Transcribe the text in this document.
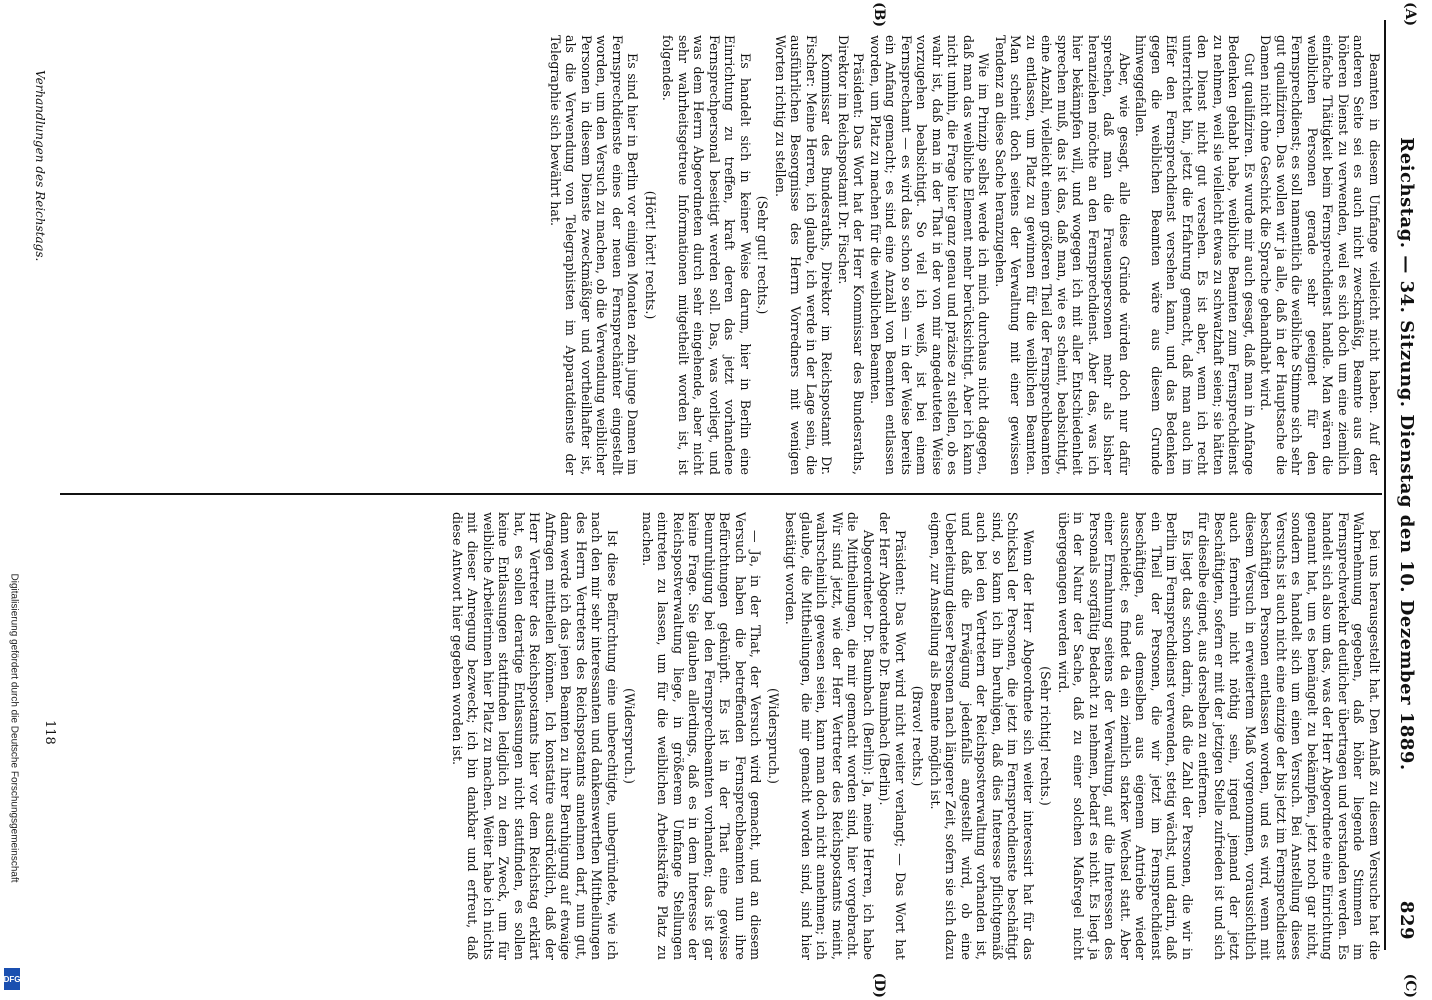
Reichstag. — 34. Sitzung. Dienstag den 10. Dezember 1889.
829
(A)
(B)
(C)
(D)

Beamten in diesem Umfange vielleicht nicht haben. Auf der anderen Seite sei es auch nicht zweckmäßig, Beamte aus dem höheren Dienst zu verwenden, weil es sich doch um eine ziemlich einfache Thätigkeit beim Fernsprechdienst handle. Man wären die weiblichen Personen gerade sehr geeignet für den Fernsprechdienst; es soll namentlich die weibliche Stimme sich sehr gut qualifiziren. Das wollen wir ja alle, daß in der Hauptsache die Damen nicht ohne Geschick die Sprache gehandhabt wird.

Gut qualifiziren. Es wurde mir auch gesagt, daß man in Anfange Bedenken gehabt habe, weibliche Beamten zum Fernsprechdienst zu nehmen, weil sie vielleicht etwas zu schwatzhaft seien; sie hätten den Dienst nicht gut versehen. Es ist aber, wenn ich recht unterrichtet bin, jetzt die Erfahrung gemacht, daß man auch im Eifer den Fernsprechdienst versehen kann, und das Bedenken gegen die weiblichen Beamten wäre aus diesem Grunde hinweggefallen.

Aber, wie gesagt, alle diese Gründe würden doch nur dafür sprechen, daß man die Frauenspersonen mehr als bisher heranziehen möchte an den Fernsprechdienst. Aber das, was ich hier bekämpfen will, und wogegen ich mit aller Entschiedenheit sprechen muß, das ist das, daß man, wie es scheint, beabsichtigt, eine Anzahl, vielleicht einen größeren Theil der Fernsprechbeamten zu entlassen, um Platz zu gewinnen für die weiblichen Beamten. Man scheint doch seitens der Verwaltung mit einer gewissen Tendenz an diese Sache heranzugehen.

Wie im Prinzip selbst werde ich mich durchaus nicht dagegen, daß man das weibliche Element mehr berücksichtigt. Aber ich kann nicht umhin, die Frage hier ganz genau und präzise zu stellen, ob es wahr ist, daß man in der That in der von mir angedeuteten Weise vorzugehen beabsichtigt. So viel ich weiß, ist bei einem Fernsprechamt — es wird das schon so sein — in der Weise bereits ein Anfang gemacht; es sind eine Anzahl von Beamten entlassen worden, um Platz zu machen für die weiblichen Beamten.

Präsident: Das Wort hat der Herr Kommissar des Bundesraths, Direktor im Reichspostamt Dr. Fischer.

Kommissar des Bundesraths, Direktor im Reichspostamt Dr. Fischer: Meine Herren, ich glaube, ich werde in der Lage sein, die ausführlichen Besorgnisse des Herrn Vorredners mit wenigen Worten richtig zu stellen.

(Sehr gut! rechts.)

Es handelt sich in keiner Weise darum, hier in Berlin eine Einrichtung zu treffen, kraft deren das jetzt vorhandene Fernsprechpersonal beseitigt werden soll. Das, was vorliegt, und was dem Herrn Abgeordneten durch sehr eingehende, aber nicht sehr wahrheitsgetreue Informationen mitgetheilt worden ist, ist folgendes.

(Hört! hört! rechts.)

Es sind hier in Berlin vor einigen Monaten zehn junge Damen im Fernsprechdienste eines der neuen Fernsprechämter eingestellt worden, um den Versuch zu machen, ob die Verwendung weiblicher Personen in diesem Dienste zweckmäßiger und vortheilhafter ist, als die Verwendung von Telegraphisten im Apparatdienste der Telegraphie sich bewährt hat.

bei uns herausgestellt hat. Den Anlaß zu diesem Versuche hat die Wahrnehmung gegeben, daß höher liegende Stimmen im Fernsprechverkehr deutlicher übertragen und verstanden werden. Es handelt sich also um das, was der Herr Abgeordnete eine Einrichtung genannt hat, um es bemängelt zu bekämpfen, jetzt noch gar nicht, sondern es handelt sich um einen Versuch. Bei Anstellung dieses Versuchs ist auch nicht eine einzige der bis jetzt im Fernsprechdienst beschäftigten Personen entlassen worden, und es wird, wenn mit diesem Versuch in erweitertem Maß vorgenommen, voraussichtlich auch fernerhin nicht nöthig sein, irgend jemand der jetzt Beschäftigten, sofern er mit der jetzigen Stelle zufrieden ist und sich für dieselbe eignet, aus derselben zu entfernen.

Es liegt das schon darin, daß die Zahl der Personen, die wir in Berlin im Fernsprechdienst verwenden, stetig wächst, und darin, daß ein Theil der Personen, die wir jetzt im Fernsprechdienst beschäftigen, aus demselben aus eigenem Antriebe wieder ausscheidet; es findet da ein ziemlich starker Wechsel statt. Aber einer Ermahnung seitens der Verwaltung, auf die Interessen des Personals sorgfältig Bedacht zu nehmen, bedarf es nicht. Es liegt ja in der Natur der Sache, daß zu einer solchen Maßregel nicht übergegangen werden wird.

(Sehr richtig! rechts.)

Wenn der Herr Abgeordnete sich weiter interessirt hat für das Schicksal der Personen, die jetzt im Fernsprechdienste beschäftigt sind, so kann ich ihn beruhigen, daß dies Interesse pflichtgemäß auch bei den Vertretern der Reichspostverwaltung vorhanden ist, und daß die Erwägung jedenfalls angestellt wird, ob eine Ueberleitung dieser Personen nach längerer Zeit, sofern sie sich dazu eignen, zur Anstellung als Beamte möglich ist.

(Bravo! rechts.)

Präsident: Das Wort wird nicht weiter verlangt; — Das Wort hat der Herr Abgeordnete Dr. Baumbach (Berlin).

Abgeordneter Dr. Baumbach (Berlin): Ja, meine Herren, ich habe die Mittheilungen, die mir gemacht worden sind, hier vorgebracht. Wir sind jetzt, wie der Herr Vertreter des Reichspostamts meint, wahrscheinlich gewesen seien, kann man doch nicht annehmen; ich glaube, die Mittheilungen, die mir gemacht worden sind, sind hier bestätigt worden.

(Widerspruch.)

— Ja, in der That, der Versuch wird gemacht, und an diesem Versuch haben die betreffenden Fernsprechbeamten nun ihre Befürchtungen geknüpft. Es ist in der That eine gewisse Beunruhigung bei den Fernsprechbeamten vorhanden; das ist gar keine Frage. Sie glauben allerdings, daß es in dem Interesse der Reichspostverwaltung liege, in größerem Umfange Stellungen eintreten zu lassen, um für die weiblichen Arbeitskräfte Platz zu machen.

(Widerspruch.)

Ist diese Befürchtung eine unberechtigte, unbegründete, wie ich nach den mir sehr interessanten und dankenswerthen Mittheilungen des Herrn Vertreters des Reichspostamts annehmen darf, nun gut, dann werde ich das jenen Beamten zu ihrer Beruhigung auf etwaige Anfragen mittheilen können. Ich konstatire ausdrücklich, daß der Herr Vertreter des Reichspostamts hier vor dem Reichstag erklärt hat, es sollen derartige Entlassungen nicht stattfinden, es sollen keine Entlassungen stattfinden lediglich zu dem Zweck, um für weibliche Arbeiterinnen hier Platz zu machen. Weiter habe ich nichts mit dieser Anregung bezweckt; ich bin dankbar und erfreut, daß diese Antwort hier gegeben worden ist.

118
Verhandlungen des Reichstags.
Digitalisierung gefördert durch die Deutsche Forschungsgemeinschaft
DFG
